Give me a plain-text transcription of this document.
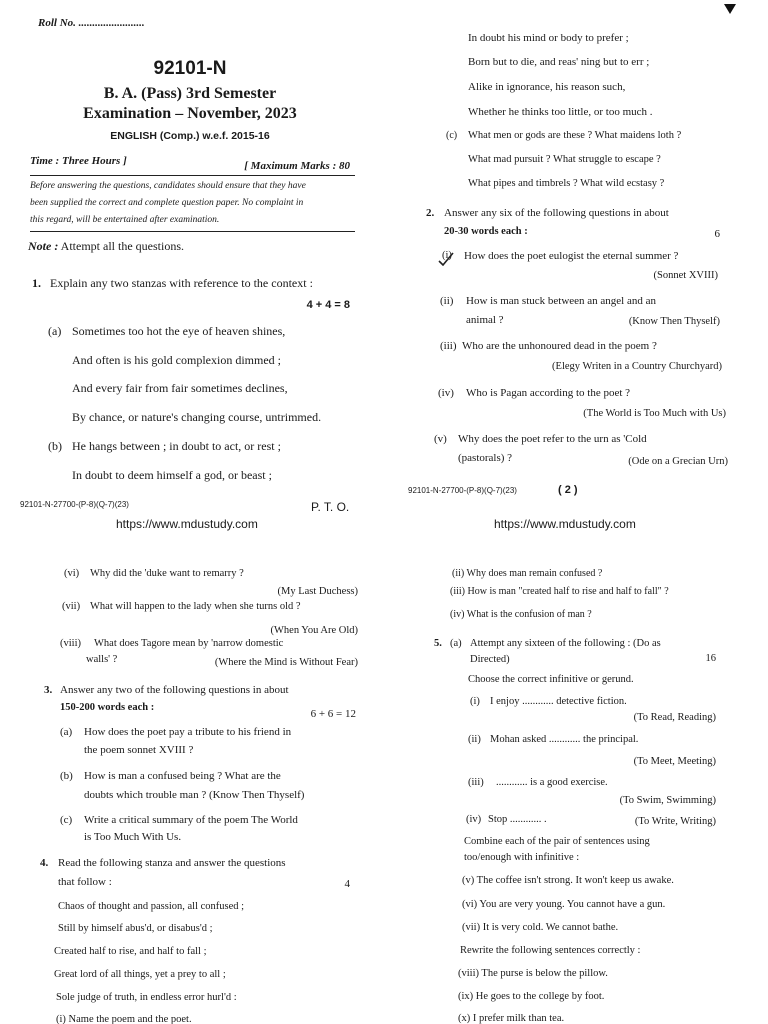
Roll No. ........................
92101-N
B. A. (Pass) 3rd Semester
Examination – November, 2023
ENGLISH (Comp.) w.e.f. 2015-16
Time : Three Hours ]	[ Maximum Marks : 80
Before answering the questions, candidates should ensure that they have
been supplied the correct and complete question paper. No complaint in
this regard, will be entertained after examination.
Note : Attempt all the questions.
1. Explain any two stanzas with reference to the context :
4 + 4 = 8
(a) Sometimes too hot the eye of heaven shines,
And often is his gold complexion dimmed ;
And every fair from fair sometimes declines,
By chance, or nature's changing course, untrimmed.
(b) He hangs between ; in doubt to act, or rest ;
In doubt to deem himself a god, or beast ;
92101-N-27700-(P-8)(Q-7)(23)	P. T. O.
https://www.mdustudy.com
In doubt his mind or body to prefer ;
Born but to die, and reas' ning but to err ;
Alike in ignorance, his reason such,
Whether he thinks too little, or too much .
(c) What men or gods are these ? What maidens loth ?
What mad pursuit ? What struggle to escape ?
What pipes and timbrels ? What wild ecstasy ?
2. Answer any six of the following questions in about
20-30 words each :	6
(i) How does the poet eulogist the eternal summer ?
(Sonnet XVIII)
(ii) How is man stuck between an angel and an
animal ?	(Know Then Thyself)
(iii) Who are the unhonoured dead in the poem ?
(Elegy Writen in a Country Churchyard)
(iv) Who is Pagan according to the poet ?
(The World is Too Much with Us)
(v) Why does the poet refer to the urn as 'Cold
(pastorals) ?	(Ode on a Grecian Urn)
92101-N-27700-(P-8)(Q-7)(23)	( 2 )
https://www.mdustudy.com
(vi) Why did the 'duke want to remarry ?
(My Last Duchess)
(vii) What will happen to the lady when she turns old ?
(When You Are Old)
(viii) What does Tagore mean by 'narrow domestic
walls' ?	(Where the Mind is Without Fear)
3. Answer any two of the following questions in about
150-200 words each :
6 + 6 = 12
(a) How does the poet pay a tribute to his friend in
the poem sonnet XVIII ?
(b) How is man a confused being ? What are the
doubts which trouble man ? (Know Then Thyself)
(c) Write a critical summary of the poem The World
is Too Much With Us.
4. Read the following stanza and answer the questions
that follow :	4
Chaos of thought and passion, all confused ;
Still by himself abus'd, or disabus'd ;
Created half to rise, and half to fall ;
Great lord of all things, yet a prey to all ;
Sole judge of truth, in endless error hurl'd :
(i) Name the poem and the poet.
(ii) Why does man remain confused ?
(iii) How is man "created half to rise and half to fall" ?
(iv) What is the confusion of man ?
5. (a) Attempt any sixteen of the following : (Do as
Directed)	16
Choose the correct infinitive or gerund.
(i) I enjoy ............ detective fiction.
(To Read, Reading)
(ii) Mohan asked ............ the principal.
(To Meet, Meeting)
(iii) ............ is a good exercise.
(To Swim, Swimming)
(iv) Stop ............ .	(To Write, Writing)
Combine each of the pair of sentences using
too/enough with infinitive :
(v) The coffee isn't strong. It won't keep us awake.
(vi) You are very young. You cannot have a gun.
(vii) It is very cold. We cannot bathe.
Rewrite the following sentences correctly :
(viii) The purse is below the pillow.
(ix) He goes to the college by foot.
(x) I prefer milk than tea.
